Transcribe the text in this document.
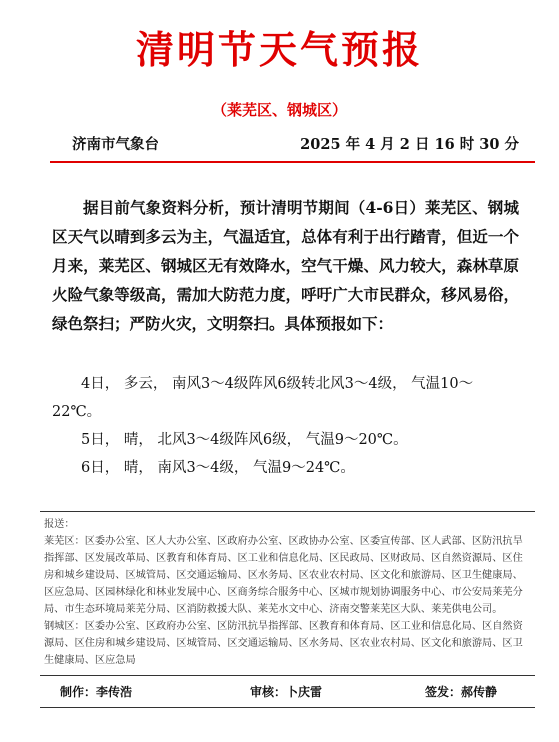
清明节天气预报
（莱芜区、钢城区）
济南市气象台	2025 年 4 月 2 日 16 时 30 分

据目前气象资料分析，预计清明节期间（4-6日）莱芜区、钢城区天气以晴到多云为主，气温适宜，总体有利于出行踏青，但近一个月来，莱芜区、钢城区无有效降水，空气干燥、风力较大，森林草原火险气象等级高，需加大防范力度，呼吁广大市民群众，移风易俗，绿色祭扫；严防火灾，文明祭扫。具体预报如下：

4日， 多云， 南风3～4级阵风6级转北风3～4级， 气温10～22℃。

5日， 晴， 北风3～4级阵风6级， 气温9～20℃。

6日， 晴， 南风3～4级， 气温9～24℃。

报送：

莱芜区：区委办公室、区人大办公室、区政府办公室、区政协办公室、区委宣传部、区人武部、区防汛抗旱指挥部、区发展改革局、区教育和体育局、区工业和信息化局、区民政局、区财政局、区自然资源局、区住房和城乡建设局、区城管局、区交通运输局、区水务局、区农业农村局、区文化和旅游局、区卫生健康局、区应急局、区园林绿化和林业发展中心、区商务综合服务中心、区城市规划协调服务中心、市公安局莱芜分局、市生态环境局莱芜分局、区消防救援大队、莱芜水文中心、济南交警莱芜区大队、莱芜供电公司。

钢城区：区委办公室、区政府办公室、区防汛抗旱指挥部、区教育和体育局、区工业和信息化局、区自然资源局、区住房和城乡建设局、区城管局、区交通运输局、区水务局、区农业农村局、区文化和旅游局、区卫生健康局、区应急局

制作：李传浩	审核：卜庆雷	签发：郝传静
